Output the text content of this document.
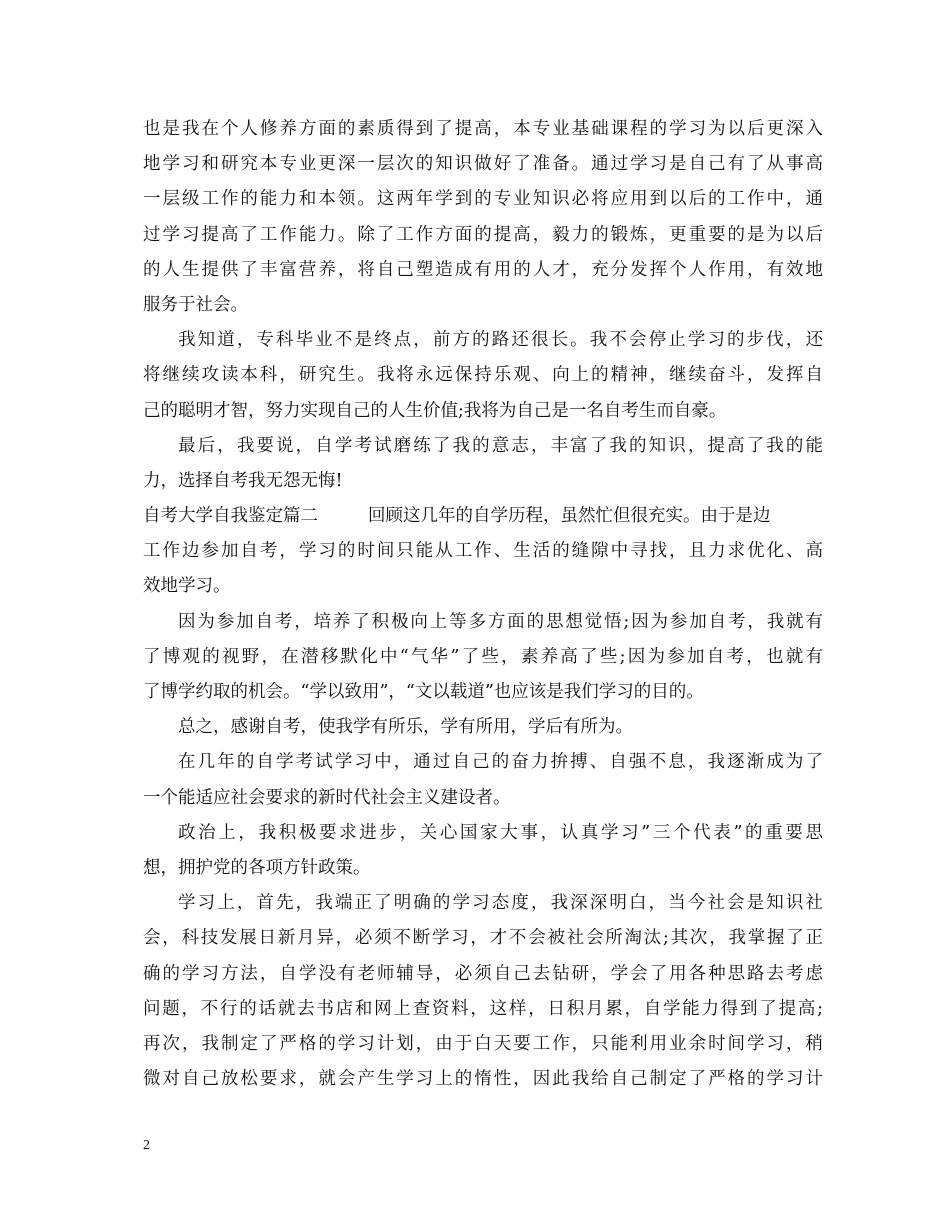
也是我在个人修养方面的素质得到了提高，本专业基础课程的学习为以后更深入
地学习和研究本专业更深一层次的知识做好了准备。通过学习是自己有了从事高
一层级工作的能力和本领。这两年学到的专业知识必将应用到以后的工作中，通
过学习提高了工作能力。除了工作方面的提高，毅力的锻炼，更重要的是为以后
的人生提供了丰富营养，将自己塑造成有用的人才，充分发挥个人作用，有效地
服务于社会。
我知道，专科毕业不是终点，前方的路还很长。我不会停止学习的步伐，还
将继续攻读本科，研究生。我将永远保持乐观、向上的精神，继续奋斗，发挥自
己的聪明才智，努力实现自己的人生价值;我将为自己是一名自考生而自豪。
最后，我要说，自学考试磨练了我的意志，丰富了我的知识，提高了我的能
力，选择自考我无怨无悔!
自考大学自我鉴定篇二	回顾这几年的自学历程，虽然忙但很充实。由于是边
工作边参加自考，学习的时间只能从工作、生活的缝隙中寻找，且力求优化、高
效地学习。
因为参加自考，培养了积极向上等多方面的思想觉悟;因为参加自考，我就有
了博观的视野，在潜移默化中“气华”了些，素养高了些;因为参加自考，也就有
了博学约取的机会。“学以致用”，“文以载道”也应该是我们学习的目的。
总之，感谢自考，使我学有所乐，学有所用，学后有所为。
在几年的自学考试学习中，通过自己的奋力拚搏、自强不息，我逐渐成为了
一个能适应社会要求的新时代社会主义建设者。
政治上，我积极要求进步，关心国家大事，认真学习”三个代表”的重要思
想，拥护党的各项方针政策。
学习上，首先，我端正了明确的学习态度，我深深明白，当今社会是知识社
会，科技发展日新月异，必须不断学习，才不会被社会所淘汰;其次，我掌握了正
确的学习方法，自学没有老师辅导，必须自己去钻研，学会了用各种思路去考虑
问题，不行的话就去书店和网上查资料，这样，日积月累，自学能力得到了提高;
再次，我制定了严格的学习计划，由于白天要工作，只能利用业余时间学习，稍
微对自己放松要求，就会产生学习上的惰性，因此我给自己制定了严格的学习计
2
